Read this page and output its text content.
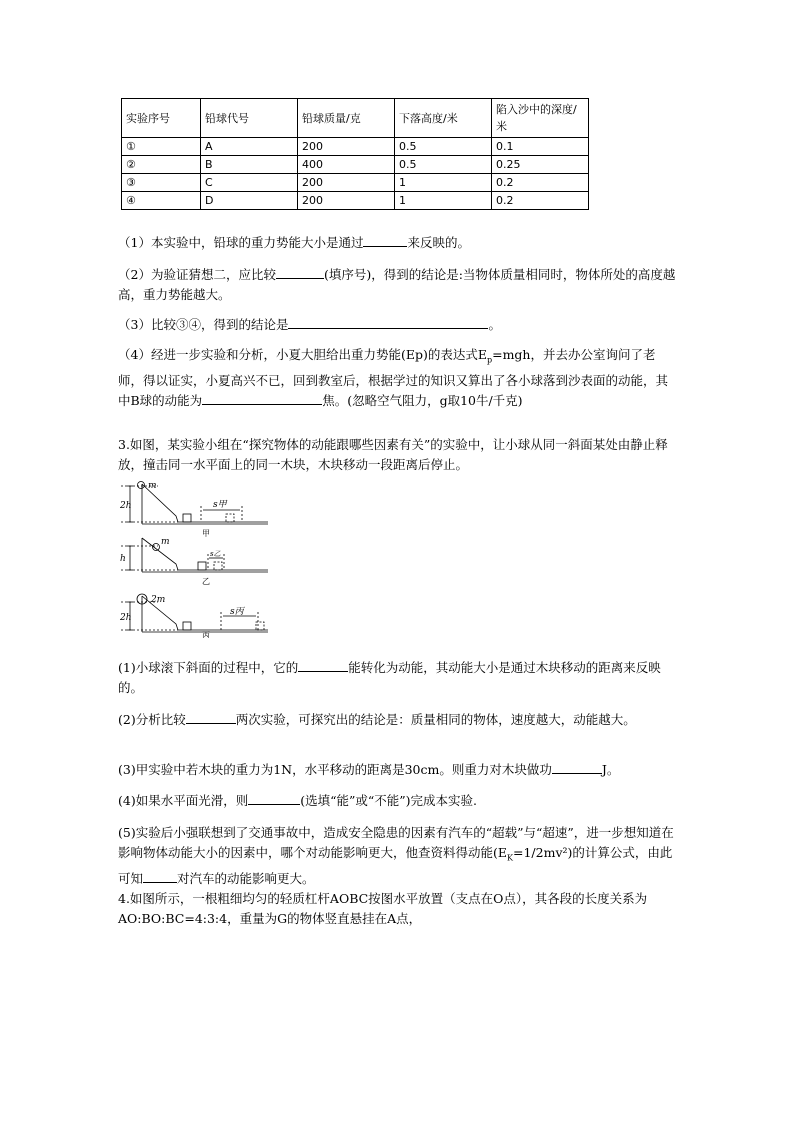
实验序号	铅球代号	铅球质量/克	下落高度/米	陷入沙中的深度/米
①	A	200	0.5	0.1
②	B	400	0.5	0.25
③	C	200	1	0.2
④	D	200	1	0.2
（1）本实验中，铅球的重力势能大小是通过	来反映的。
（2）为验证猜想二，应比较	(填序号)，得到的结论是:当物体质量相同时，物体所处的高度越高，重力势能越大。
（3）比较③④，得到的结论是	。
（4）经进一步实验和分析，小夏大胆给出重力势能(Ep)的表达式$E_p=mgh$，并去办公室询问了老师，得以证实，小夏高兴不已，回到教室后，根据学过的知识又算出了各小球落到沙表面的动能，其中B球的动能为	焦。(忽略空气阻力，g取10牛/千克)
3.如图，某实验小组在“探究物体的动能跟哪些因素有关”的实验中，让小球从同一斜面某处由静止释放，撞击同一水平面上的同一木块，木块移动一段距离后停止。
m
2h	s甲
甲
m
h	s乙
乙
2m
2h
s丙
丙
(1)小球滚下斜面的过程中，它的	能转化为动能，其动能大小是通过木块移动的距离来反映的。
(2)分析比较	两次实验，可探究出的结论是：质量相同的物体，速度越大，动能越大。
(3)甲实验中若木块的重力为1N，水平移动的距离是30cm。则重力对木块做功	J。
(4)如果水平面光滑，则	(选填“能”或“不能”)完成本实验.
(5)实验后小强联想到了交通事故中，造成安全隐患的因素有汽车的“超载”与“超速”，进一步想知道在影响物体动能大小的因素中，哪个对动能影响更大，他查资料得动能$(E_K=1/2mv^2)$的计算公式，由此可知	对汽车的动能影响更大。
4.如图所示，一根粗细均匀的轻质杠杆AOBC按图水平放置（支点在O点），其各段的长度关系为AO:BO:BC=4:3:4，重量为G的物体竖直悬挂在A点，
